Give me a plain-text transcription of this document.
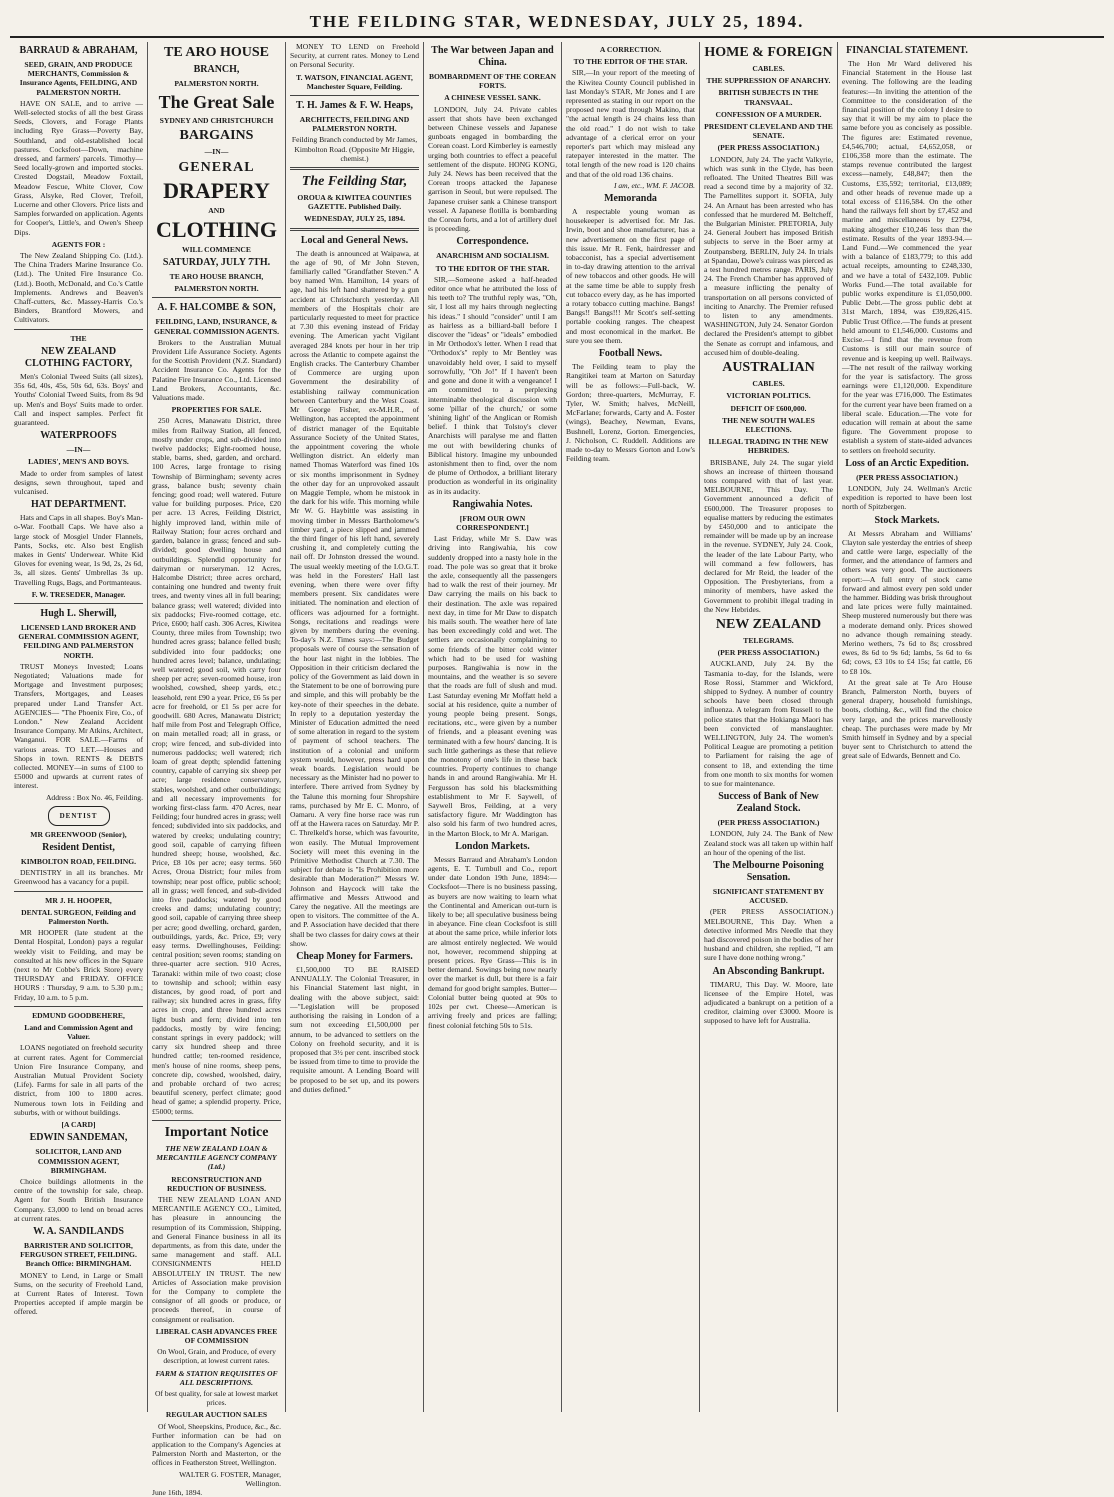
THE FEILDING STAR, WEDNESDAY, JULY 25, 1894.
BARRAUD & ABRAHAM,
SEED, GRAIN, AND PRODUCE MERCHANTS, Commission & Insurance Agents, FEILDING, AND PALMERSTON NORTH.

HAVE ON SALE, and to arrive — Well-selected stocks of all the best Grass Seeds, Clovers, and Forage Plants including Rye Grass—Poverty Bay, Southland, and old-established local pastures. Cocksfoot—Down, machine dressed, and farmers' parcels. Timothy—Seed locally-grown and imported stocks. Crested Dogstail, Meadow Foxtail, Meadow Fescue, White Clover, Cow Grass, Alsyke, Red Clover, Trefoil, Lucerne and other Clovers. Price lists and Samples forwarded on application. Agents for Cooper's, Little's, and Owen's Sheep Dips.

AGENTS FOR :

The New Zealand Shipping Co. (Ltd.). The China Traders Marine Insurance Co. (Ltd.). The United Fire Insurance Co. (Ltd.). Booth, McDonald, and Co.'s Cattle Implements. Andrews and Beaven's Chaff-cutters, &c. Massey-Harris Co.'s Binders, Brantford Mowers, and Cultivators.

THE
NEW ZEALAND CLOTHING FACTORY,

Men's Colonial Tweed Suits (all sizes), 35s 6d, 40s, 45s, 50s 6d, 63s. Boys' and Youths' Colonial Tweed Suits, from 8s 9d up. Men's and Boys' Suits made to order. Call and inspect samples. Perfect fit guaranteed.

WATERPROOFS
—IN—
LADIES', MEN'S AND BOYS.

Made to order from samples of latest designs, sewn throughout, taped and vulcanised.

HAT DEPARTMENT.

Hats and Caps in all shapes. Boy's Man-o-War. Football Caps. We have also a large stock of Mosgiel Under Flannels, Pants, Socks, etc. Also best English makes in Gents' Underwear. White Kid Gloves for evening wear, 1s 9d, 2s, 2s 6d, 3s, all sizes. Gents' Umbrellas 3s up. Travelling Rugs, Bags, and Portmanteaus.

F. W. TRESEDER, Manager.
Hugh L. Sherwill,
LICENSED LAND BROKER AND GENERAL COMMISSION AGENT, FEILDING AND PALMERSTON NORTH.

TRUST Moneys Invested; Loans Negotiated; Valuations made for Mortgage and Investment purposes; Transfers, Mortgages, and Leases prepared under Land Transfer Act. AGENCIES— "The Phoenix Fire, Co., of London." New Zealand Accident Insurance Company. Mr Atkins, Architect, Wanganui. FOR SALE.—Farms of various areas. TO LET.—Houses and Shops in town. RENTS & DEBTS collected. MONEY—in sums of £100 to £5000 and upwards at current rates of interest.

Address : Box No. 46, Feilding.
DENTIST
MR GREENWOOD (Senior),
Resident Dentist,
KIMBOLTON ROAD, FEILDING.

DENTISTRY in all its branches. Mr Greenwood has a vacancy for a pupil.

MR J. H. HOOPER,
DENTAL SURGEON, Feilding and Palmerston North.

MR HOOPER (late student at the Dental Hospital, London) pays a regular weekly visit to Feilding, and may be consulted at his new offices in the Square (next to Mr Cobbe's Brick Store) every THURSDAY and FRIDAY. OFFICE HOURS : Thursday, 9 a.m. to 5.30 p.m.; Friday, 10 a.m. to 5 p.m.

EDMUND GOODBEHERE,
Land and Commission Agent and Valuer.

LOANS negotiated on freehold security at current rates. Agent for Commercial Union Fire Insurance Company, and Australian Mutual Provident Society (Life). Farms for sale in all parts of the district, from 100 to 1800 acres. Numerous town lots in Feilding and suburbs, with or without buildings.

[A CARD]
EDWIN SANDEMAN,
SOLICITOR, LAND AND COMMISSION AGENT, BIRMINGHAM.

Choice buildings allotments in the centre of the township for sale, cheap. Agent for South British Insurance Company. £3,000 to lend on broad acres at current rates.

W. A. SANDILANDS
BARRISTER AND SOLICITOR, FERGUSON STREET, FEILDING. Branch Office: BIRMINGHAM.

MONEY to Lend, in Large or Small Sums, on the security of Freehold Land, at Current Rates of Interest. Town Properties accepted if ample margin be offered.

TE ARO HOUSE
BRANCH,
PALMERSTON NORTH.
The Great Sale
SYDNEY AND CHRISTCHURCH
BARGAINS
—IN—
GENERAL
DRAPERY
AND
CLOTHING
WILL COMMENCE
SATURDAY, JULY 7TH.
TE ARO HOUSE BRANCH,
PALMERSTON NORTH.
A. F. HALCOMBE & SON,
FEILDING, LAND, INSURANCE, & GENERAL COMMISSION AGENTS.

Brokers to the Australian Mutual Provident Life Assurance Society. Agents for the Scottish Provident (N.Z. Standard) Accident Insurance Co. Agents for the Palatine Fire Insurance Co., Ltd. Licensed Land Brokers, Accountants, &c. Valuations made.

PROPERTIES FOR SALE.

250 Acres, Manawatu District, three miles from Railway Station, all fenced, mostly under crops, and sub-divided into twelve paddocks; Eight-roomed house, stable, barns, shed, garden, and orchard. 100 Acres, large frontage to rising Township of Birmingham; seventy acres grass, balance bush; seventy chain fencing; good road; well watered. Future value for building purposes. Price, £20 per acre. 13 Acres, Feilding District, highly improved land, within mile of Railway Station; four acres orchard and garden, balance in grass; fenced and sub-divided; good dwelling house and outbuildings. Splendid opportunity for dairyman or nurseryman. 12 Acres, Halcombe District; three acres orchard, containing one hundred and twenty fruit trees, and twenty vines all in full bearing; balance grass; well watered; divided into six paddocks; Five-roomed cottage, etc. Price, £600; half cash. 306 Acres, Kiwitea County, three miles from Township; two hundred acres grass; balance felled bush; subdivided into four paddocks; one hundred acres level; balance, undulating; well watered; good soil, with carry four sheep per acre; seven-roomed house, iron woolshed, cowshed, sheep yards, etc.; leasehold, rent £90 a year. Price, £6 5s per acre for freehold, or £1 5s per acre for goodwill. 680 Acres, Manawatu District; half mile from Post and Telegraph Office, on main metalled road; all in grass, or crop; wire fenced, and sub-divided into numerous paddocks; well watered; rich loam of great depth; splendid fattening country, capable of carrying six sheep per acre; large residence conservatory, stables, woolshed, and other outbuildings; and all necessary improvements for working first-class farm. 470 Acres, near Feilding; four hundred acres in grass; well fenced; subdivided into six paddocks, and watered by creeks; undulating country; good soil, capable of carrying fifteen hundred sheep; house, woolshed, &c. Price, £8 10s per acre; easy terms. 560 Acres, Oroua District; four miles from township; near post office, public school; all in grass; well fenced, and sub-divided into five paddocks; watered by good creeks and dams; undulating country; good soil, capable of carrying three sheep per acre; good dwelling, orchard, garden, outbuildings, yards, &c. Price, £9; very easy terms. Dwellinghouses, Feilding: central position; seven rooms; standing on three-quarter acre section. 910 Acres, Taranaki: within mile of two coast; close to township and school; within easy distances, by good road, of port and railway; six hundred acres in grass, fifty acres in crop, and three hundred acres light bush and fern; divided into ten paddocks, mostly by wire fencing; constant springs in every paddock; will carry six hundred sheep and three hundred cattle; ten-roomed residence, men's house of nine rooms, sheep pens, concrete dip, cowshed, woolshed, dairy, and probable orchard of two acres; beautiful scenery, perfect climate; good head of game; a splendid property. Price, £5000; terms.

Important Notice
THE NEW ZEALAND LOAN & MERCANTILE AGENCY COMPANY (Ltd.)
RECONSTRUCTION AND REDUCTION OF BUSINESS.

THE NEW ZEALAND LOAN AND MERCANTILE AGENCY CO., Limited, has pleasure in announcing the resumption of its Commission, Shipping, and General Finance business in all its departments, as from this date, under the same management and staff. ALL CONSIGNMENTS HELD ABSOLUTELY IN TRUST. The new Articles of Association make provision for the Company to complete the consignor of all goods or produce, or proceeds thereof, in course of consignment or realisation.

LIBERAL CASH ADVANCES FREE OF COMMISSION

On Wool, Grain, and Produce, of every description, at lowest current rates.

FARM & STATION REQUISITES OF ALL DESCRIPTIONS.

Of best quality, for sale at lowest market prices.

REGULAR AUCTION SALES

Of Wool, Sheepskins, Produce, &c., &c. Further information can be had on application to the Company's Agencies at Palmerston North and Masterton, or the offices in Featherston Street, Wellington.

WALTER G. FOSTER, Manager, Wellington.
June 16th, 1894.

MONEY TO LEND on Freehold Security, at current rates. Money to Lend on Personal Security.

T. WATSON, FINANCIAL AGENT, Manchester Square, Feilding.
T. H. James & F. W. Heaps,
ARCHITECTS, FEILDING AND PALMERSTON NORTH.

Feilding Branch conducted by Mr James, Kimbolton Road. (Opposite Mr Higgie, chemist.)

The Feilding Star,
OROUA & KIWITEA COUNTIES GAZETTE. Published Daily.
WEDNESDAY, JULY 25, 1894.
Local and General News.

The death is announced at Waipawa, at the age of 90, of Mr John Steven, familiarly called "Grandfather Steven." A boy named Wm. Hamilton, 14 years of age, had his left hand shattered by a gun accident at Christchurch yesterday. All members of the Hospitals choir are particularly requested to meet for practice at 7.30 this evening instead of Friday evening. The American yacht Vigilant averaged 284 knots per hour in her trip across the Atlantic to compete against the English cracks. The Canterbury Chamber of Commerce are urging upon Government the desirability of establishing railway communication between Canterbury and the West Coast. Mr George Fisher, ex-M.H.R., of Wellington, has accepted the appointment of district manager of the Equitable Assurance Society of the United States, the appointment covering the whole Wellington district. An elderly man named Thomas Waterford was fined 10s or six months imprisonment in Sydney the other day for an unprovoked assault on Maggie Temple, whom he mistook in the dark for his wife. This morning while Mr W. G. Haybittle was assisting in moving timber in Messrs Bartholomew's timber yard, a piece slipped and jammed the third finger of his left hand, severely crushing it, and completely cutting the nail off. Dr Johnston dressed the wound. The usual weekly meeting of the I.O.G.T. was held in the Foresters' Hall last evening, when there were over fifty members present. Six candidates were initiated. The nomination and election of officers was adjourned for a fortnight. Songs, recitations and readings were given by members during the evening. To-day's N.Z. Times says:—The Budget proposals were of course the sensation of the hour last night in the lobbies. The Opposition in their criticism declared the policy of the Government as laid down in the Statement to be one of borrowing pure and simple, and this will probably be the key-note of their speeches in the debate. In reply to a deputation yesterday the Minister of Education admitted the need of some alteration in regard to the system of payment of school teachers. The institution of a colonial and uniform system would, however, press hard upon weak boards. Legislation would be necessary as the Minister had no power to interfere. There arrived from Sydney by the Talune this morning four Shropshire rams, purchased by Mr E. C. Monro, of Oamaru. A very fine horse race was run off at the Hawera races on Saturday. Mr P. C. Threlkeld's horse, which was favourite, won easily. The Mutual Improvement Society will meet this evening in the Primitive Methodist Church at 7.30. The subject for debate is "Is Prohibition more desirable than Moderation?" Messrs W. Johnson and Haycock will take the affirmative and Messrs Attwood and Carey the negative. All the meetings are open to visitors. The committee of the A. and P. Association have decided that there shall be two classes for dairy cows at their show.

Cheap Money for Farmers.

£1,500,000 TO BE RAISED ANNUALLY. The Colonial Treasurer, in his Financial Statement last night, in dealing with the above subject, said:—"Legislation will be proposed authorising the raising in London of a sum not exceeding £1,500,000 per annum, to be advanced to settlers on the Colony on freehold security, and it is proposed that 3½ per cent. inscribed stock be issued from time to time to provide the requisite amount. A Lending Board will be proposed to be set up, and its powers and duties defined."

The War between Japan and China.
BOMBARDMENT OF THE COREAN FORTS.
A CHINESE VESSEL SANK.

LONDON, July 24. Private cables assert that shots have been exchanged between Chinese vessels and Japanese gunboats engaged in bombarding the Corean coast. Lord Kimberley is earnestly urging both countries to effect a peaceful settlement of the dispute. HONG KONG, July 24. News has been received that the Corean troops attacked the Japanese garrison in Seoul, but were repulsed. The Japanese cruiser sank a Chinese transport vessel. A Japanese flotilla is bombarding the Corean forts, and a lot of artillery duel is proceeding.

Correspondence.
ANARCHISM AND SOCIALISM.
TO THE EDITOR OF THE STAR.

SIR,—Someone asked a half-headed editor once what he attributed the loss of his teeth to? The truthful reply was, "Oh, sir, I lost all my hairs through neglecting his ideas." I should "consider" until I am as hairless as a billiard-ball before I discover the "ideas" or "ideals" embodied in Mr Orthodox's letter. When I read that "Orthodox's" reply to Mr Bentley was unavoidably held over, I said to myself sorrowfully, "Oh Jo!" If I haven't been and gone and done it with a vengeance! I am committed to a perplexing interminable theological discussion with some 'pillar of the church,' or some 'shining light' of the Anglican or Romish belief. I think that Tolstoy's clever Anarchists will paralyse me and flatten me out with bewildering chunks of Biblical history. Imagine my unbounded astonishment then to find, over the nom de plume of Orthodox, a brilliant literary production as wonderful in its originality as in its audacity.

Rangiwahia Notes.
[FROM OUR OWN CORRESPONDENT.]

Last Friday, while Mr S. Daw was driving into Rangiwahia, his cow suddenly dropped into a nasty hole in the road. The pole was so great that it broke the axle, consequently all the passengers had to walk the rest of their journey. Mr Daw carrying the mails on his back to their destination. The axle was repaired next day, in time for Mr Daw to dispatch his mails south. The weather here of late has been exceedingly cold and wet. The settlers are occasionally complaining to some friends of the bitter cold winter which had to be used for washing purposes. Rangiwahia is now in the mountains, and the weather is so severe that the roads are full of slush and mud. Last Saturday evening Mr Moffatt held a social at his residence, quite a number of young people being present. Songs, recitations, etc., were given by a number of friends, and a pleasant evening was terminated with a few hours' dancing. It is such little gatherings as these that relieve the monotony of one's life in these back countries. Property continues to change hands in and around Rangiwahia. Mr H. Fergusson has sold his blacksmithing establishment to Mr F. Saywell, of Saywell Bros, Feilding, at a very satisfactory figure. Mr Waddington has also sold his farm of two hundred acres, in the Marton Block, to Mr A. Marigan.

London Markets.

Messrs Barraud and Abraham's London agents, E. T. Turnbull and Co., report under date London 19th June, 1894:— Cocksfoot—There is no business passing, as buyers are now waiting to learn what the Continental and American out-turn is likely to be; all speculative business being in abeyance. Fine clean Cocksfoot is still at about the same price, while inferior lots are almost entirely neglected. We would not, however, recommend shipping at present prices. Rye Grass—This is in better demand. Sowings being now nearly over the market is dull, but there is a fair demand for good bright samples. Butter—Colonial butter being quoted at 90s to 102s per cwt. Cheese—American is arriving freely and prices are falling; finest colonial fetching 50s to 51s.

A CORRECTION.
TO THE EDITOR OF THE STAR.

SIR,—In your report of the meeting of the Kiwitea County Council published in last Monday's STAR, Mr Jones and I are represented as stating in our report on the proposed new road through Makino, that "the actual length is 24 chains less than the old road." I do not wish to take advantage of a clerical error on your reporter's part which may mislead any ratepayer interested in the matter. The total length of the new road is 120 chains and that of the old road 136 chains.

I am, etc., WM. F. JACOB.
Memoranda

A respectable young woman as housekeeper is advertised for. Mr Jas. Irwin, boot and shoe manufacturer, has a new advertisement on the first page of this issue. Mr R. Fenk, hairdresser and tobacconist, has a special advertisement in to-day drawing attention to the arrival of new tobaccos and other goods. He will at the same time be able to supply fresh cut tobacco every day, as he has imported a rotary tobacco cutting machine. Bangs! Bangs!! Bangs!!! Mr Scott's self-setting portable cooking ranges. The cheapest and most economical in the market. Be sure you see them.

Football News.

The Feilding team to play the Rangitikei team at Marton on Saturday will be as follows:—Full-back, W. Gordon; three-quarters, McMurray, F. Tyler, W. Smith; halves, McNeill, McFarlane; forwards, Carty and A. Foster (wings), Beachey, Newman, Evans, Bushnell, Lorenz, Gorton. Emergencies, J. Nicholson, C. Ruddell. Additions are made to-day to Messrs Gorton and Low's Feilding team.

HOME & FOREIGN
CABLES.
THE SUPPRESSION OF ANARCHY.
BRITISH SUBJECTS IN THE TRANSVAAL.
CONFESSION OF A MURDER.
PRESIDENT CLEVELAND AND THE SENATE.
(PER PRESS ASSOCIATION.)

LONDON, July 24. The yacht Valkyrie, which was sunk in the Clyde, has been refloated. The United Theatres Bill was read a second time by a majority of 32. The Parnellites support it. SOFIA, July 24. An Arnaut has been arrested who has confessed that he murdered M. Beltcheff, the Bulgarian Minister. PRETORIA, July 24. General Joubert has imposed British subjects to serve in the Boer army at Zoutpansberg. BERLIN, July 24. In trials at Spandau, Dowe's cuirass was pierced as a test hundred metres range. PARIS, July 24. The French Chamber has approved of a measure inflicting the penalty of transportation on all persons convicted of inciting to Anarchy. The Premier refused to listen to any amendments. WASHINGTON, July 24. Senator Gordon declared the President's attempt to gibbet the Senate as corrupt and infamous, and accused him of double-dealing.

AUSTRALIAN
CABLES.
VICTORIAN POLITICS.
DEFICIT OF £600,000.
THE NEW SOUTH WALES ELECTIONS.
ILLEGAL TRADING IN THE NEW HEBRIDES.

BRISBANE, July 24. The sugar yield shows an increase of thirteen thousand tons compared with that of last year. MELBOURNE, This Day. The Government announced a deficit of £600,000. The Treasurer proposes to equalise matters by reducing the estimates by £450,000 and to anticipate the remainder will be made up by an increase in the revenue. SYDNEY, July 24. Cook, the leader of the late Labour Party, who will command a few followers, has declared for Mr Reid, the leader of the Opposition. The Presbyterians, from a minority of members, have asked the Government to prohibit illegal trading in the New Hebrides.

NEW ZEALAND
TELEGRAMS.
(PER PRESS ASSOCIATION.)

AUCKLAND, July 24. By the Tasmania to-day, for the Islands, were Rose Rossi, Stammer and Wickford, shipped to Sydney. A number of country schools have been closed through influenza. A telegram from Russell to the police states that the Hokianga Maori has been convicted of manslaughter. WELLINGTON, July 24. The women's Political League are promoting a petition to Parliament for raising the age of consent to 18, and extending the time from one month to six months for women to sue for maintenance.

Success of Bank of New Zealand Stock.
(PER PRESS ASSOCIATION.)

LONDON, July 24. The Bank of New Zealand stock was all taken up within half an hour of the opening of the list.

The Melbourne Poisoning Sensation.
SIGNIFICANT STATEMENT BY ACCUSED.

(PER PRESS ASSOCIATION.) MELBOURNE, This Day. When a detective informed Mrs Needle that they had discovered poison in the bodies of her husband and children, she replied, "I am sure I have done nothing wrong."

An Absconding Bankrupt.

TIMARU, This Day. W. Moore, late licensee of the Empire Hotel, was adjudicated a bankrupt on a petition of a creditor, claiming over £3000. Moore is supposed to have left for Australia.

FINANCIAL STATEMENT.

The Hon Mr Ward delivered his Financial Statement in the House last evening. The following are the leading features:—In inviting the attention of the Committee to the consideration of the financial position of the colony I desire to say that it will be my aim to place the same before you as concisely as possible. The figures are: Estimated revenue, £4,546,700; actual, £4,652,058, or £106,358 more than the estimate. The stamps revenue contributed the largest excess—namely, £48,847; then the Customs, £35,592; territorial, £13,089; and other heads of revenue made up a total excess of £116,584. On the other hand the railways fell short by £7,452 and marine and miscellaneous by £2794, making altogether £10,246 less than the estimate. Results of the year 1893-94.—Land Fund.—We commenced the year with a balance of £183,779; to this add actual receipts, amounting to £248,330, and we have a total of £432,109. Public Works Fund.—The total available for public works expenditure is £1,050,000. Public Debt.—The gross public debt at 31st March, 1894, was £39,826,415. Public Trust Office.—The funds at present held amount to £1,546,000. Customs and Excise.—I find that the revenue from Customs is still our main source of revenue and is keeping up well. Railways.—The net result of the railway working for the year is satisfactory. The gross earnings were £1,120,000. Expenditure for the year was £716,000. The Estimates for the current year have been framed on a liberal scale. Education.—The vote for education will remain at about the same figure. The Government propose to establish a system of state-aided advances to settlers on freehold security.

Loss of an Arctic Expedition.
(PER PRESS ASSOCIATION.)

LONDON, July 24. Wellman's Arctic expedition is reported to have been lost north of Spitzbergen.

Stock Markets.

At Messrs Abraham and Williams' Clayton sale yesterday the entries of sheep and cattle were large, especially of the former, and the attendance of farmers and others was very good. The auctioneers report:—A full entry of stock came forward and almost every pen sold under the hammer. Bidding was brisk throughout and late prices were fully maintained. Sheep mustered numerously but there was a moderate demand only. Prices showed no advance though remaining steady. Merino wethers, 7s 6d to 8s; crossbred ewes, 8s 6d to 9s 6d; lambs, 5s 6d to 6s 6d; cows, £3 10s to £4 15s; fat cattle, £6 to £8 10s.

At the great sale at Te Aro House Branch, Palmerston North, buyers of general drapery, household furnishings, boots, clothing, &c., will find the choice very large, and the prices marvellously cheap. The purchases were made by Mr Smith himself in Sydney and by a special buyer sent to Christchurch to attend the great sale of Edwards, Bennett and Co.
